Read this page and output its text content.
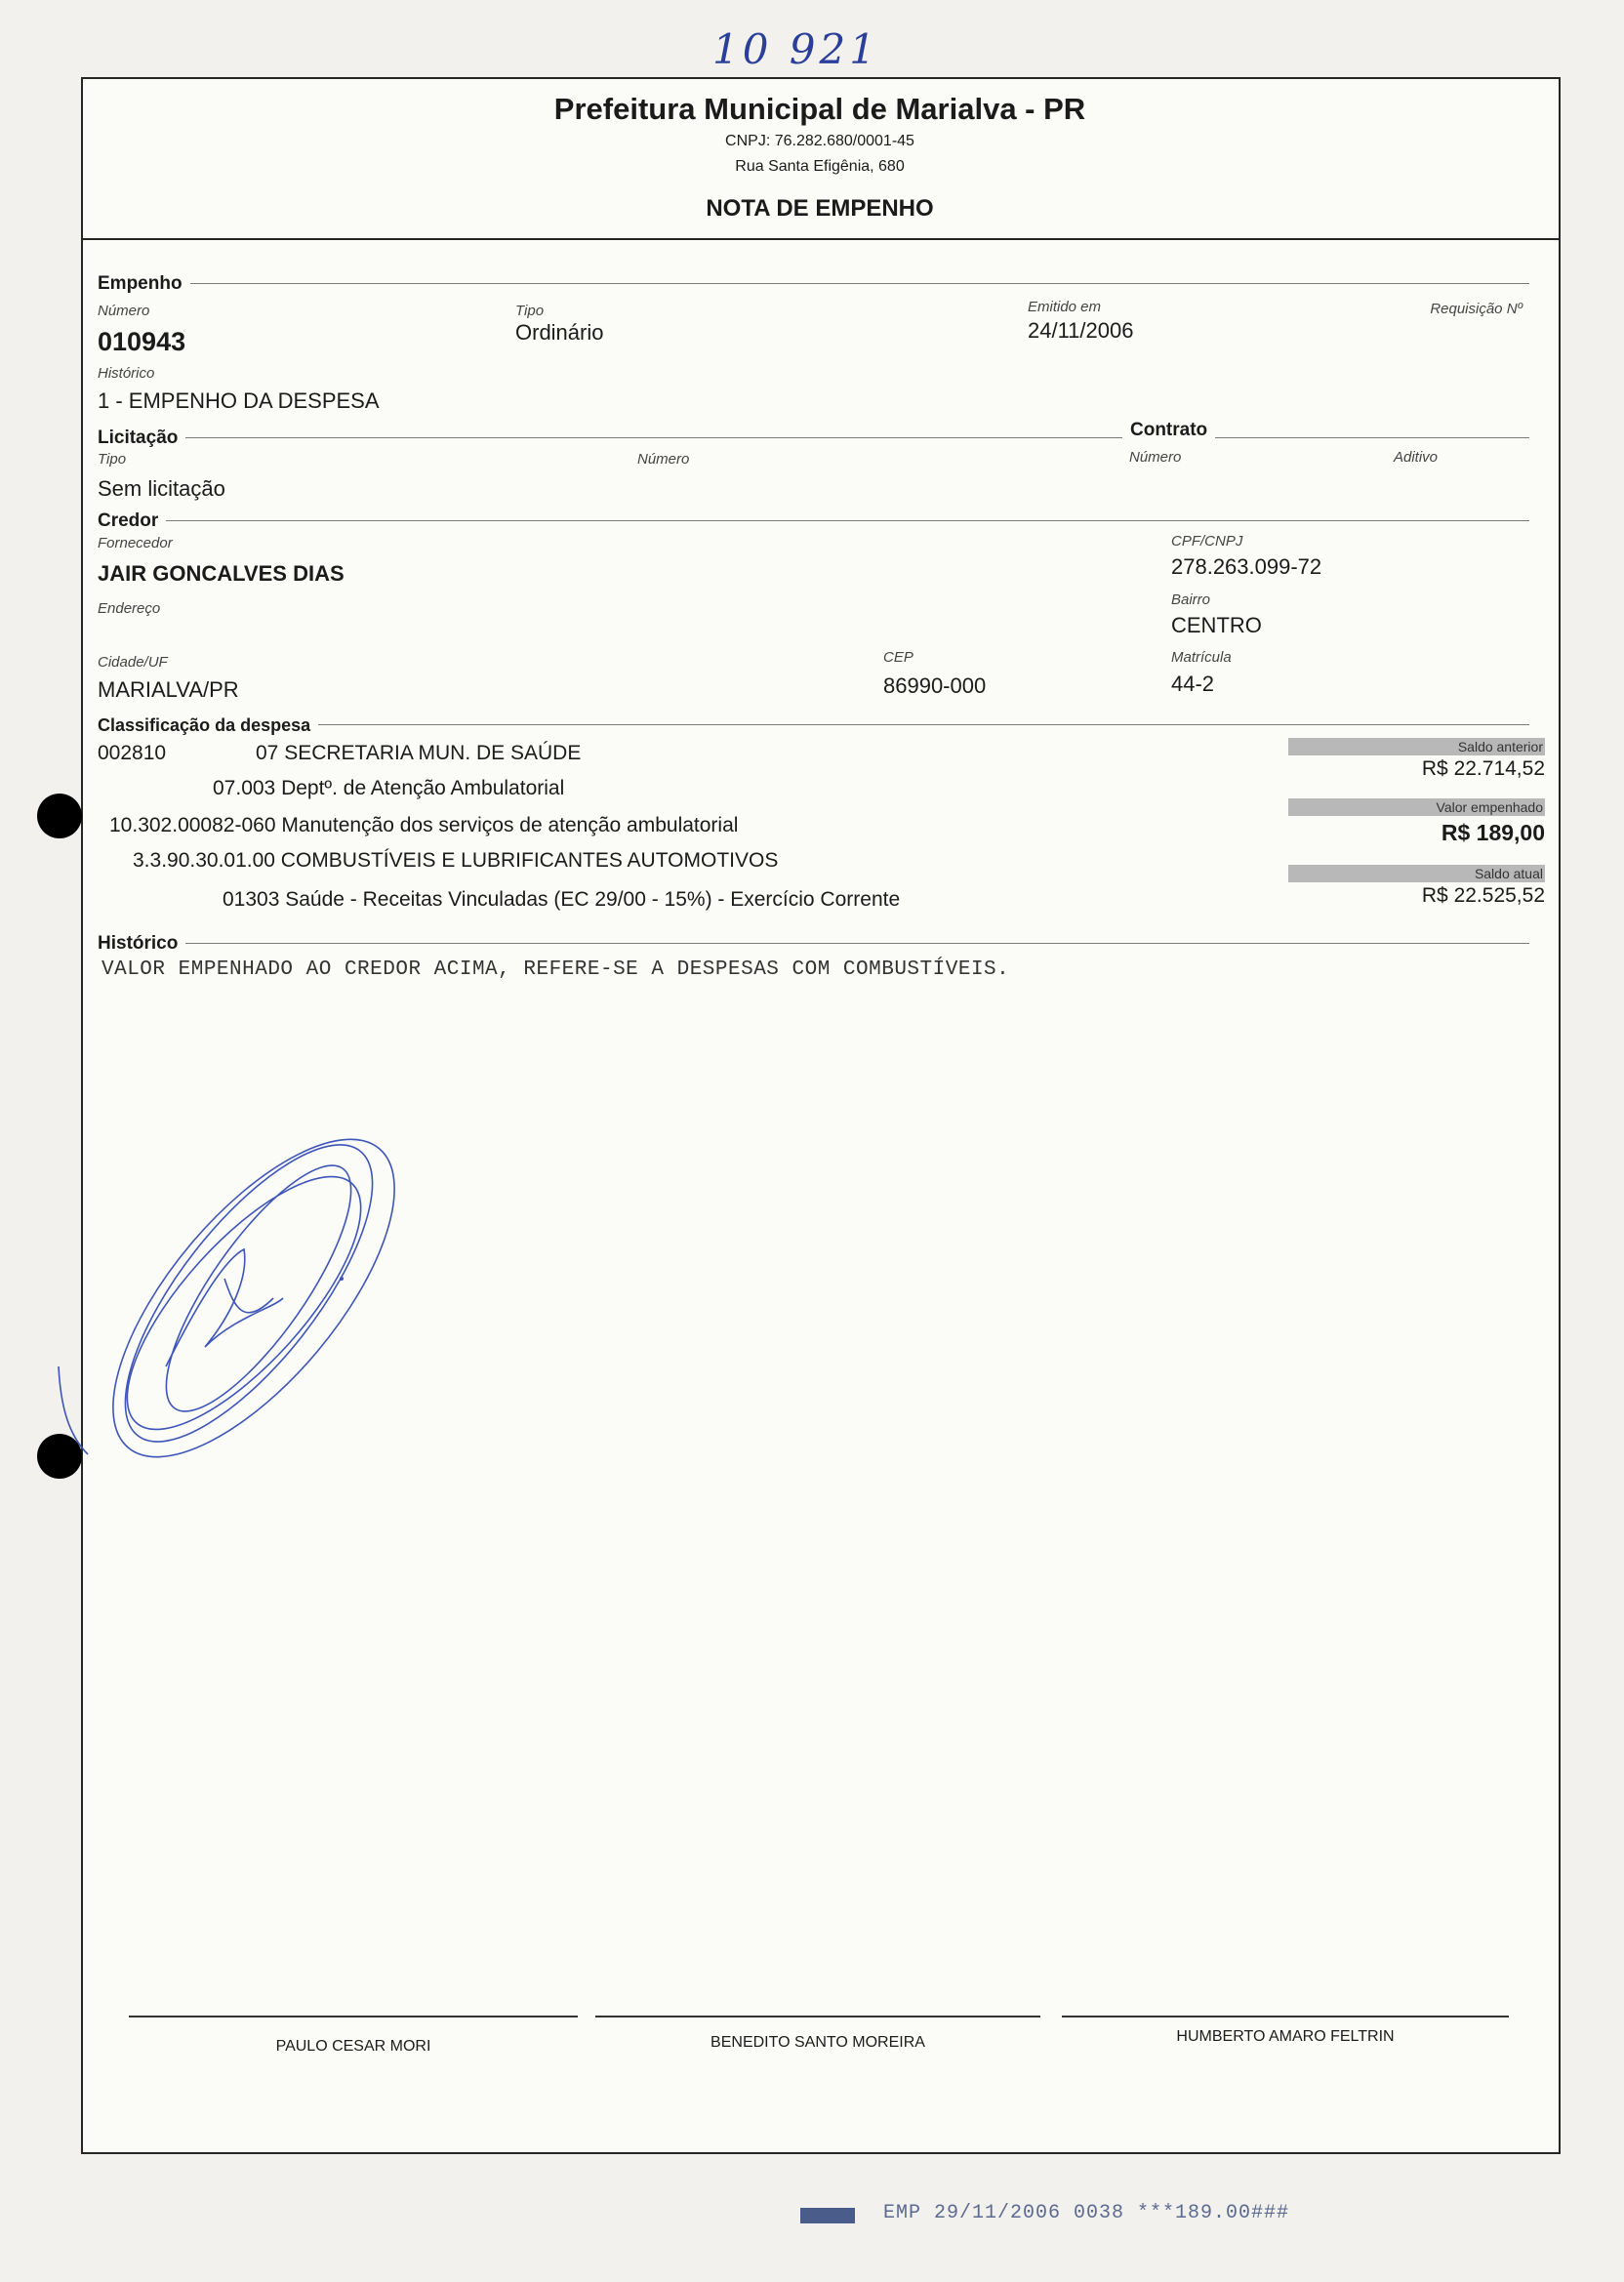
10 921
Prefeitura Municipal de Marialva - PR
CNPJ: 76.282.680/0001-45
Rua Santa Efigênia, 680
NOTA DE EMPENHO
Empenho
Número
010943
Tipo
Ordinário
Emitido em
24/11/2006
Requisição Nº
Histórico
1 - EMPENHO DA DESPESA
Licitação	Contrato
Tipo
Sem licitação
Número	Número	Aditivo
Credor
Fornecedor
JAIR GONCALVES DIAS
CPF/CNPJ
278.263.099-72
Endereço
Bairro
CENTRO
Cidade/UF
MARIALVA/PR
CEP
86990-000
Matrícula
44-2
Classificação da despesa
002810	07 SECRETARIA MUN. DE SAÚDE
07.003 Deptº. de Atenção Ambulatorial
10.302.00082-060 Manutenção dos serviços de atenção ambulatorial
3.3.90.30.01.00 COMBUSTÍVEIS E LUBRIFICANTES AUTOMOTIVOS
01303 Saúde - Receitas Vinculadas (EC 29/00 - 15%) - Exercício Corrente
Saldo anterior
R$ 22.714,52
Valor empenhado
R$ 189,00
Saldo atual
R$ 22.525,52
Histórico
VALOR EMPENHADO AO CREDOR ACIMA, REFERE-SE A DESPESAS COM COMBUSTÍVEIS.
PAULO CESAR MORI	BENEDITO SANTO MOREIRA	HUMBERTO AMARO FELTRIN
EMP 29/11/2006 0038 ***189.00###
